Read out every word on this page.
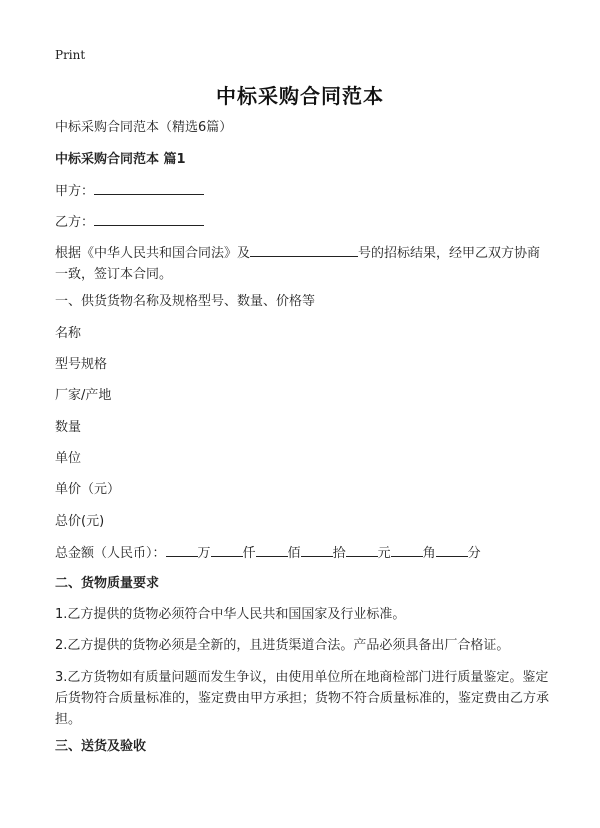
Print
中标采购合同范本
中标采购合同范本（精选6篇）
中标采购合同范本 篇1
甲方：
乙方：
根据《中华人民共和国合同法》及	号的招标结果，经甲乙双方协商一致，签订本合同。
一、供货货物名称及规格型号、数量、价格等
名称
型号规格
厂家/产地
数量
单位
单价（元）
总价(元)
总金额（人民币）： 万 仟 佰 拾 元 角 分
二、货物质量要求
1.乙方提供的货物必须符合中华人民共和国国家及行业标准。
2.乙方提供的货物必须是全新的，且进货渠道合法。产品必须具备出厂合格证。
3.乙方货物如有质量问题而发生争议，由使用单位所在地商检部门进行质量鉴定。鉴定后货物符合质量标准的，鉴定费由甲方承担；货物不符合质量标准的，鉴定费由乙方承担。
三、送货及验收
